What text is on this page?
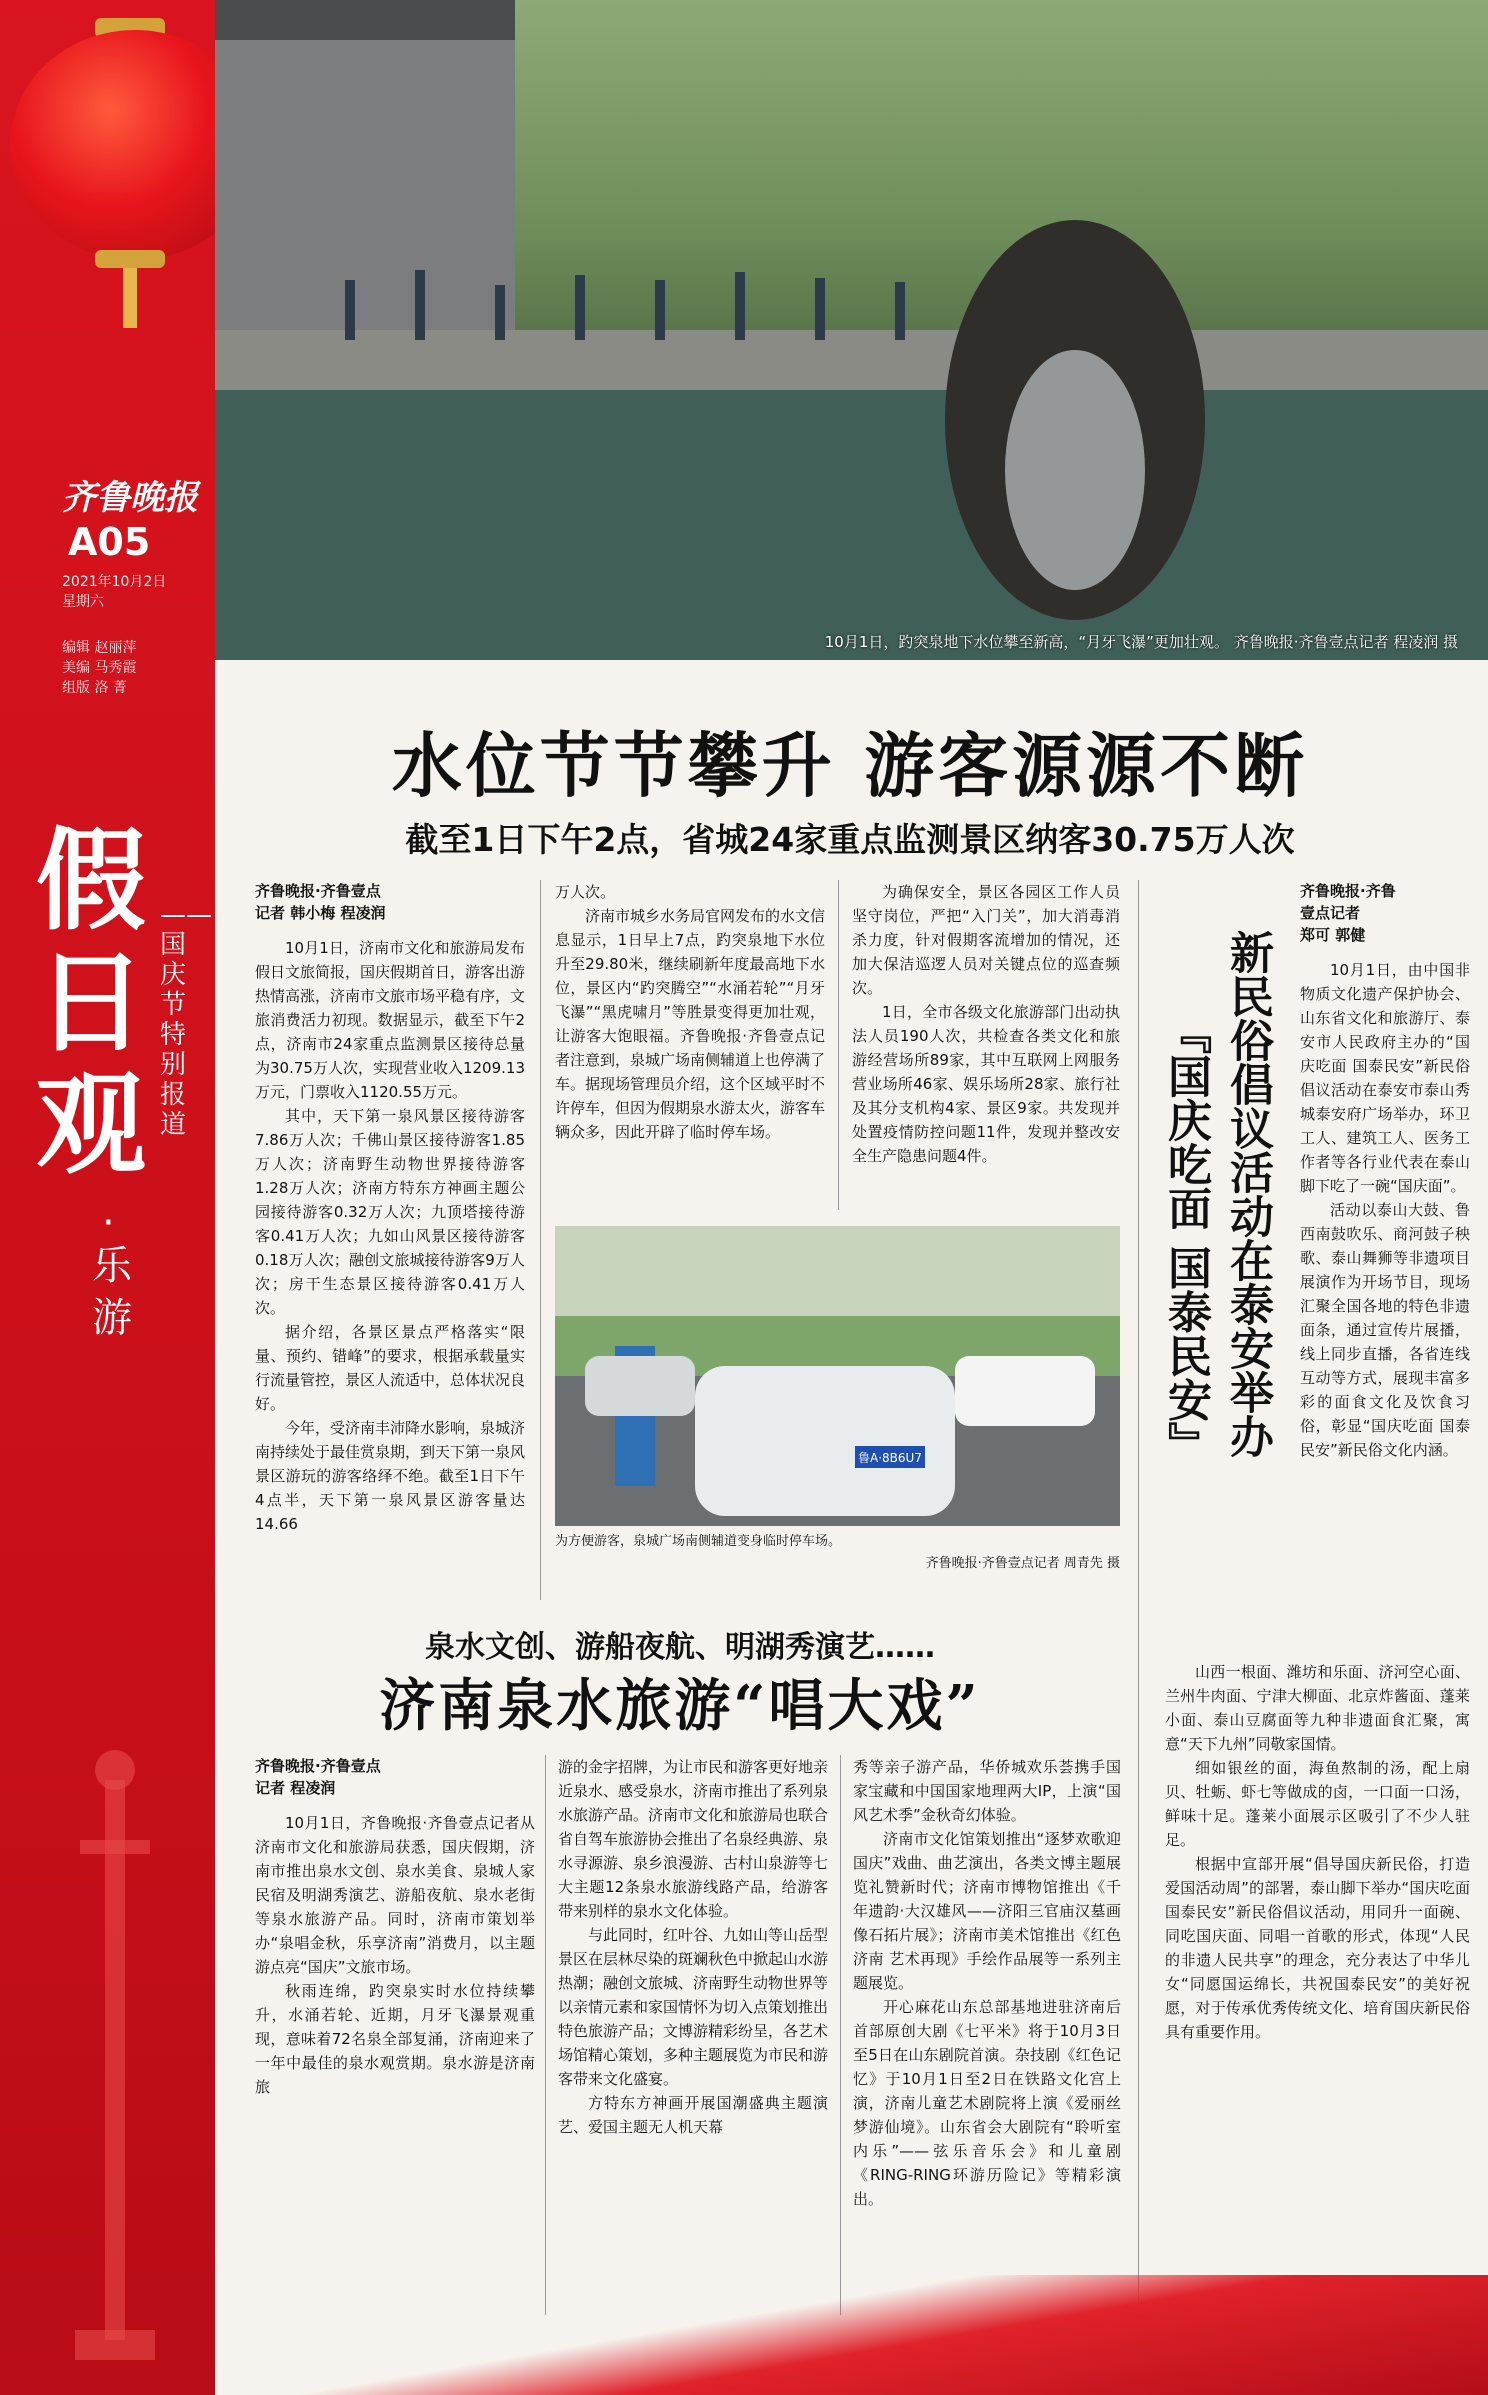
齐鲁晚报
A05
2021年10月2日
星期六
编辑 赵丽萍
美编 马秀霞
组版 洛 菁
假日观
——国庆节特别报道
·
乐游
10月1日，趵突泉地下水位攀至新高，“月牙飞瀑”更加壮观。 齐鲁晚报·齐鲁壹点记者 程凌润 摄
水位节节攀升 游客源源不断
截至1日下午2点，省城24家重点监测景区纳客30.75万人次
齐鲁晚报·齐鲁壹点
记者 韩小梅 程凌润

10月1日，济南市文化和旅游局发布假日文旅简报，国庆假期首日，游客出游热情高涨，济南市文旅市场平稳有序，文旅消费活力初现。数据显示，截至下午2点，济南市24家重点监测景区接待总量为30.75万人次，实现营业收入1209.13万元，门票收入1120.55万元。

其中，天下第一泉风景区接待游客7.86万人次；千佛山景区接待游客1.85万人次；济南野生动物世界接待游客1.28万人次；济南方特东方神画主题公园接待游客0.32万人次；九顶塔接待游客0.41万人次；九如山风景区接待游客0.18万人次；融创文旅城接待游客9万人次；房干生态景区接待游客0.41万人次。

据介绍，各景区景点严格落实“限量、预约、错峰”的要求，根据承载量实行流量管控，景区人流适中，总体状况良好。

今年，受济南丰沛降水影响，泉城济南持续处于最佳赏泉期，到天下第一泉风景区游玩的游客络绎不绝。截至1日下午4点半，天下第一泉风景区游客量达14.66

万人次。

济南市城乡水务局官网发布的水文信息显示，1日早上7点，趵突泉地下水位升至29.80米，继续刷新年度最高地下水位，景区内“趵突腾空”“水涌若轮”“月牙飞瀑”“黑虎啸月”等胜景变得更加壮观，让游客大饱眼福。齐鲁晚报·齐鲁壹点记者注意到，泉城广场南侧辅道上也停满了车。据现场管理员介绍，这个区域平时不许停车，但因为假期泉水游太火，游客车辆众多，因此开辟了临时停车场。

为确保安全，景区各园区工作人员坚守岗位，严把“入门关”，加大消毒消杀力度，针对假期客流增加的情况，还加大保洁巡逻人员对关键点位的巡查频次。

1日，全市各级文化旅游部门出动执法人员190人次，共检查各类文化和旅游经营场所89家，其中互联网上网服务营业场所46家、娱乐场所28家、旅行社及其分支机构4家、景区9家。共发现并处置疫情防控问题11件，发现并整改安全生产隐患问题4件。

鲁A·8B6U7
为方便游客，泉城广场南侧辅道变身临时停车场。
齐鲁晚报·齐鲁壹点记者 周青先 摄
新民俗倡议活动在泰安举办
『国庆吃面 国泰民安』
齐鲁晚报·齐鲁
壹点记者
郑可 郭健

10月1日，由中国非物质文化遗产保护协会、山东省文化和旅游厅、泰安市人民政府主办的“国庆吃面 国泰民安”新民俗倡议活动在泰安市泰山秀城泰安府广场举办，环卫工人、建筑工人、医务工作者等各行业代表在泰山脚下吃了一碗“国庆面”。

活动以泰山大鼓、鲁西南鼓吹乐、商河鼓子秧歌、泰山舞狮等非遗项目展演作为开场节目，现场汇聚全国各地的特色非遗面条，通过宣传片展播，线上同步直播，各省连线互动等方式，展现丰富多彩的面食文化及饮食习俗，彰显“国庆吃面 国泰民安”新民俗文化内涵。

山西一根面、潍坊和乐面、济河空心面、兰州牛肉面、宁津大柳面、北京炸酱面、蓬莱小面、泰山豆腐面等九种非遗面食汇聚，寓意“天下九州”同敬家国情。

细如银丝的面，海鱼熬制的汤，配上扇贝、牡蛎、虾七等做成的卤，一口面一口汤，鲜味十足。蓬莱小面展示区吸引了不少人驻足。

根据中宣部开展“倡导国庆新民俗，打造爱国活动周”的部署，泰山脚下举办“国庆吃面 国泰民安”新民俗倡议活动，用同升一面碗、同吃国庆面、同唱一首歌的形式，体现“人民的非遗人民共享”的理念，充分表达了中华儿女“同愿国运绵长，共祝国泰民安”的美好祝愿，对于传承优秀传统文化、培育国庆新民俗具有重要作用。

泉水文创、游船夜航、明湖秀演艺……
济南泉水旅游“唱大戏”
齐鲁晚报·齐鲁壹点
记者 程凌润

10月1日，齐鲁晚报·齐鲁壹点记者从济南市文化和旅游局获悉，国庆假期，济南市推出泉水文创、泉水美食、泉城人家民宿及明湖秀演艺、游船夜航、泉水老街等泉水旅游产品。同时，济南市策划举办“泉唱金秋，乐享济南”消费月，以主题游点亮“国庆”文旅市场。

秋雨连绵，趵突泉实时水位持续攀升，水涌若轮、近期，月牙飞瀑景观重现，意味着72名泉全部复涌，济南迎来了一年中最佳的泉水观赏期。泉水游是济南旅

游的金字招牌，为让市民和游客更好地亲近泉水、感受泉水，济南市推出了系列泉水旅游产品。济南市文化和旅游局也联合省自驾车旅游协会推出了名泉经典游、泉水寻源游、泉乡浪漫游、古村山泉游等七大主题12条泉水旅游线路产品，给游客带来别样的泉水文化体验。

与此同时，红叶谷、九如山等山岳型景区在层林尽染的斑斓秋色中掀起山水游热潮；融创文旅城、济南野生动物世界等以亲情元素和家国情怀为切入点策划推出特色旅游产品；文博游精彩纷呈，各艺术场馆精心策划，多种主题展览为市民和游客带来文化盛宴。

方特东方神画开展国潮盛典主题演艺、爱国主题无人机天幕

秀等亲子游产品，华侨城欢乐荟携手国家宝藏和中国国家地理两大IP，上演“国风艺术季”金秋奇幻体验。

济南市文化馆策划推出“逐梦欢歌迎国庆”戏曲、曲艺演出，各类文博主题展览礼赞新时代；济南市博物馆推出《千年遗韵·大汉雄风——济阳三官庙汉墓画像石拓片展》；济南市美术馆推出《红色济南 艺术再现》手绘作品展等一系列主题展览。

开心麻花山东总部基地进驻济南后首部原创大剧《七平米》将于10月3日至5日在山东剧院首演。杂技剧《红色记忆》于10月1日至2日在铁路文化宫上演，济南儿童艺术剧院将上演《爱丽丝梦游仙境》。山东省会大剧院有“聆听室内乐”——弦乐音乐会》和儿童剧《RING-RING环游历险记》等精彩演出。
